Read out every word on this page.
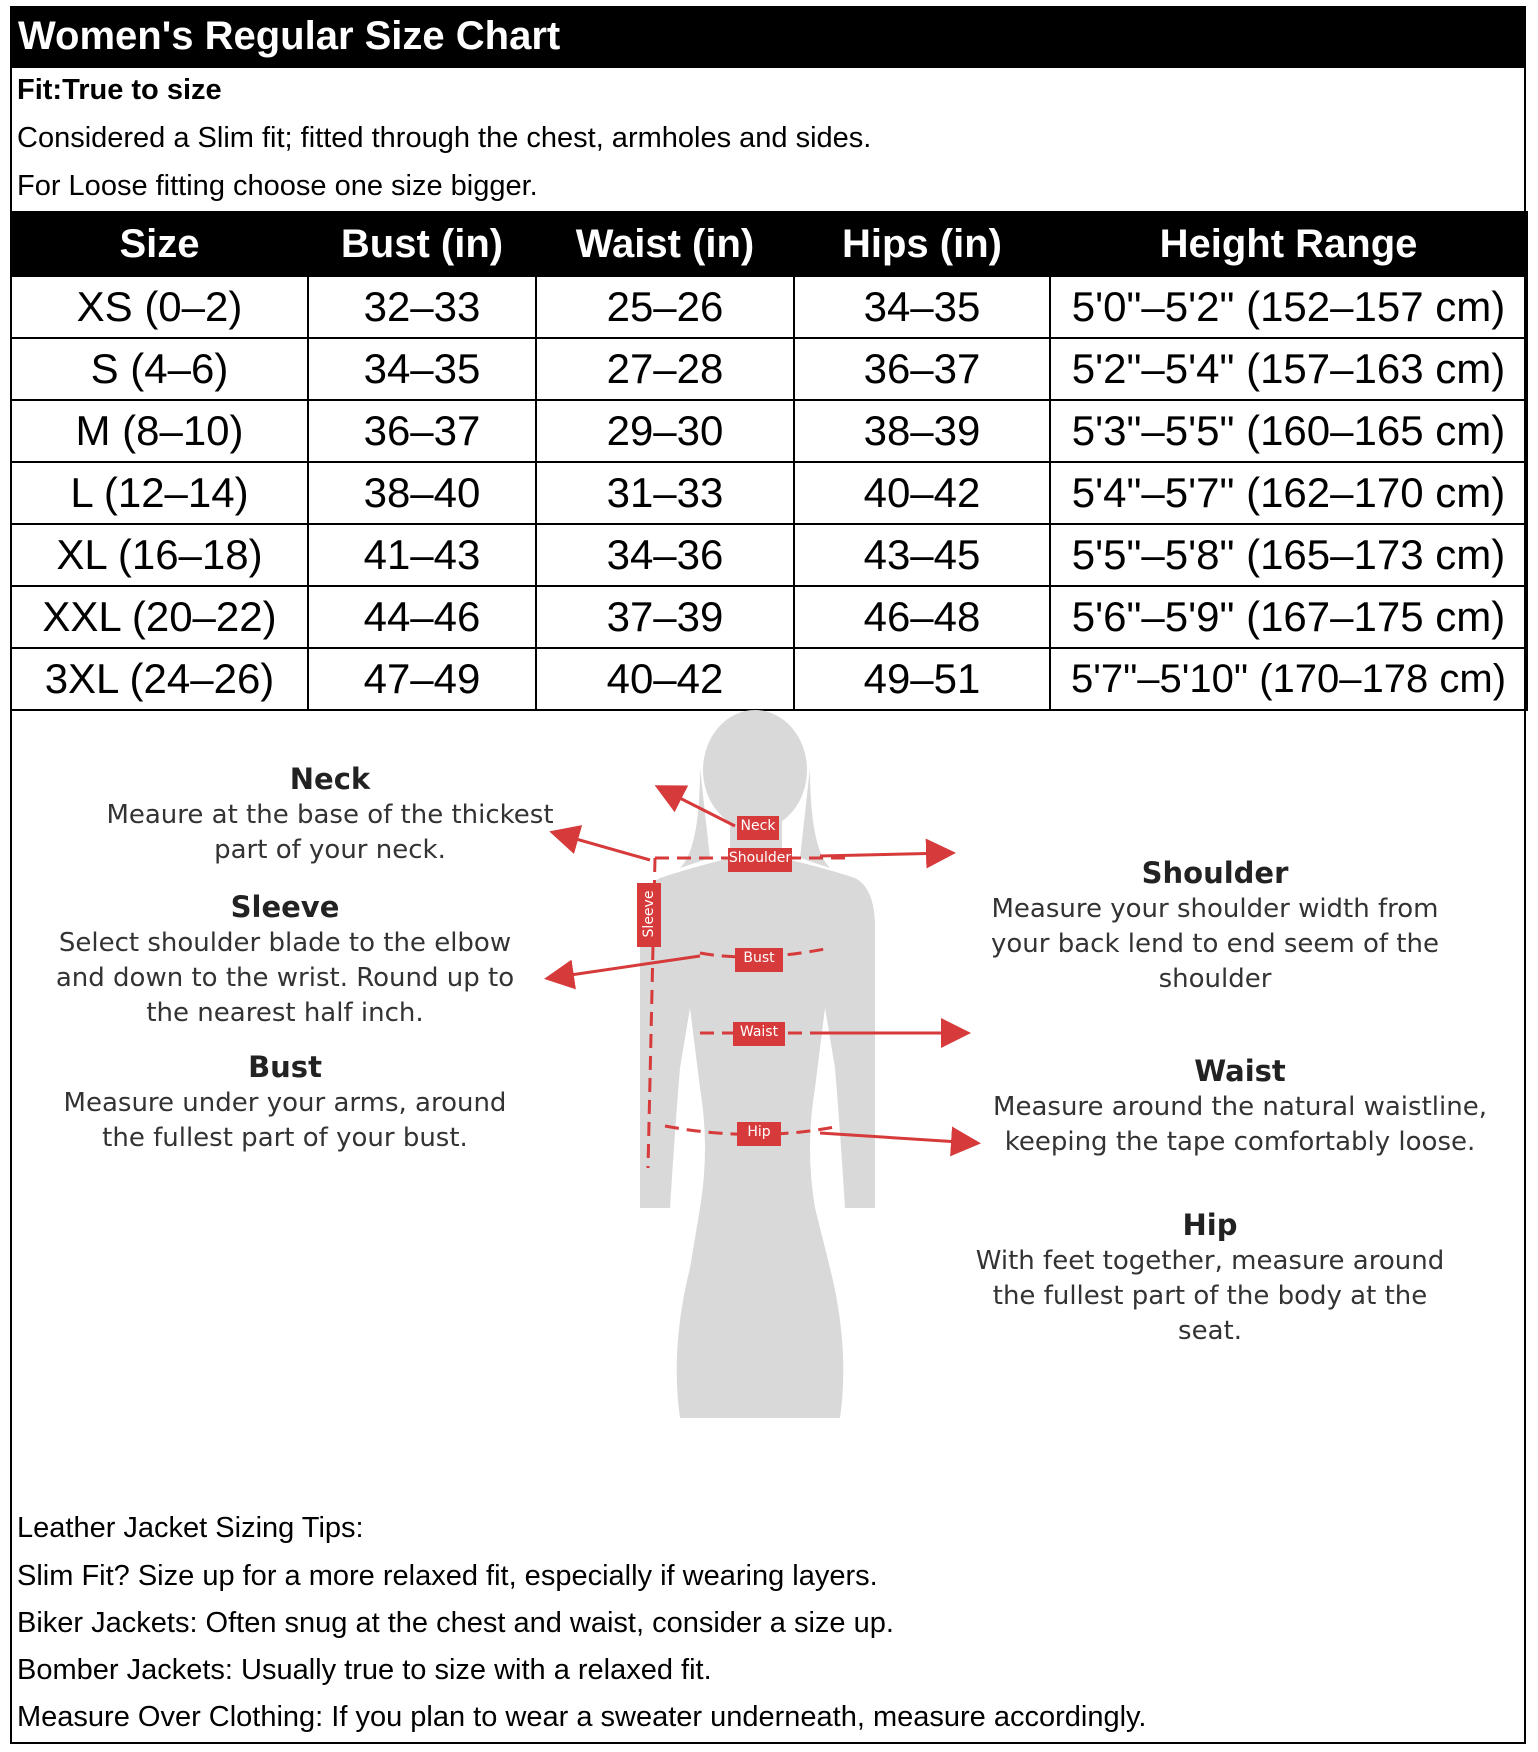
Women's Regular Size Chart
Fit:True to size
Considered a Slim fit; fitted through the chest, armholes and sides.
For Loose fitting choose one size bigger.
Size	Bust (in)	Waist (in)	Hips (in)	Height Range
XS (0–2)	32–33	25–26	34–35	5'0"–5'2" (152–157 cm)
S (4–6)	34–35	27–28	36–37	5'2"–5'4" (157–163 cm)
M (8–10)	36–37	29–30	38–39	5'3"–5'5" (160–165 cm)
L (12–14)	38–40	31–33	40–42	5'4"–5'7" (162–170 cm)
XL (16–18)	41–43	34–36	43–45	5'5"–5'8" (165–173 cm)
XXL (20–22)	44–46	37–39	46–48	5'6"–5'9" (167–175 cm)
3XL (24–26)	47–49	40–42	49–51	5'7"–5'10" (170–178 cm)
Neck
Shoulder
Sleeve
Bust
Waist
Hip
Neck
Meaure at the base of the thickest
part of your neck.
Sleeve
Select shoulder blade to the elbow
and down to the wrist. Round up to
the nearest half inch.
Bust
Measure under your arms, around
the fullest part of your bust.
Shoulder
Measure your shoulder width from
your back lend to end seem of the
shoulder
Waist
Measure around the natural waistline,
keeping the tape comfortably loose.
Hip
With feet together, measure around
the fullest part of the body at the
seat.
Leather Jacket Sizing Tips:
Slim Fit? Size up for a more relaxed fit, especially if wearing layers.
Biker Jackets: Often snug at the chest and waist, consider a size up.
Bomber Jackets: Usually true to size with a relaxed fit.
Measure Over Clothing: If you plan to wear a sweater underneath, measure accordingly.
